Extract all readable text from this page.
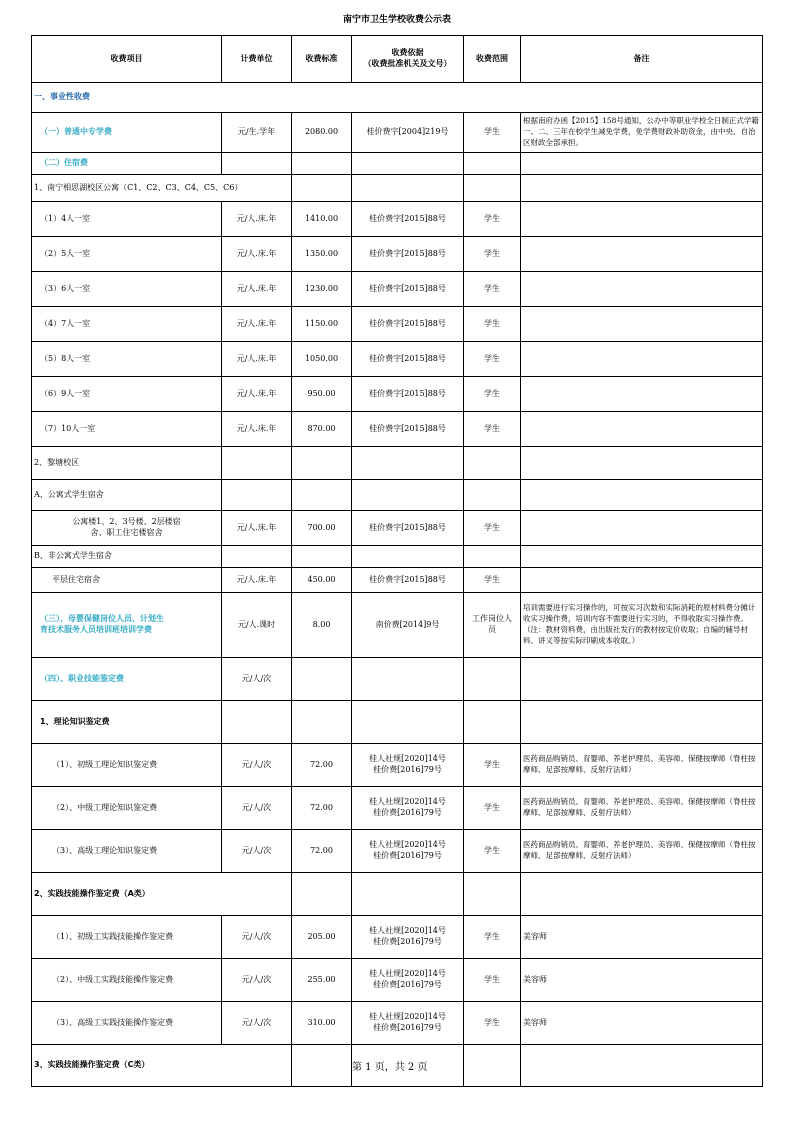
南宁市卫生学校收费公示表
收费项目	计费单位	收费标准	收费依据
（收费批准机关及文号）	收费范围	备注
一、事业性收费					
（一）普通中专学费	元/生.学年	2080.00	桂价费字[2004]219号	学生	根据南府办函【2015】158号通知，公办中等职业学校全日制正式学籍一、二、三年在校学生减免学费，免学费财政补助资金，由中央、自治区财政全部承担。
（二）住宿费					
1、南宁相思湖校区公寓（C1、C2、C3、C4、C5、C6）					
（1）4人一室	元/人.床.年	1410.00	桂价费字[2015]88号	学生	
（2）5人一室	元/人.床.年	1350.00	桂价费字[2015]88号	学生	
（3）6人一室	元/人.床.年	1230.00	桂价费字[2015]88号	学生	
（4）7人一室	元/人.床.年	1150.00	桂价费字[2015]88号	学生	
（5）8人一室	元/人.床.年	1050.00	桂价费字[2015]88号	学生	
（6）9人一室	元/人.床.年	950.00	桂价费字[2015]88号	学生	
（7）10人一室	元/人.床.年	870.00	桂价费字[2015]88号	学生	
2、黎塘校区					
A、公寓式学生宿舍					
公寓楼1、2、3号楼、2层楼宿
舍、职工住宅楼宿舍	元/人.床.年	700.00	桂价费字[2015]88号	学生	
B、非公寓式学生宿舍					
平层住宅宿舍	元/人.床.年	450.00	桂价费字[2015]88号	学生	
（三）、母婴保健岗位人员、计划生
育技术服务人员培训班培训学费	元/人.课时	8.00	南价费[2014]9号	工作岗位人
员	培训需要进行实习操作的，可按实习次数和实际消耗的原材料费分摊计收实习操作费，培训内容不需要进行实习的，不得收取实习操作费。（注：教材资料费，由出版社发行的教材按定价收取；自编的辅导材料、讲义等按实际印刷成本收取。）
（四）、职业技能鉴定费	元/人/次				
1、理论知识鉴定费					
（1）、初级工理论知识鉴定费	元/人/次	72.00	桂人社规[2020]14号
桂价费[2016]79号	学生	医药商品购销员、育婴师、养老护理员、美容师、保健按摩师（脊柱按摩师、足部按摩师、反射疗法师）
（2）、中级工理论知识鉴定费	元/人/次	72.00	桂人社规[2020]14号
桂价费[2016]79号	学生	医药商品购销员、育婴师、养老护理员、美容师、保健按摩师（脊柱按摩师、足部按摩师、反射疗法师）
（3）、高级工理论知识鉴定费	元/人/次	72.00	桂人社规[2020]14号
桂价费[2016]79号	学生	医药商品购销员、育婴师、养老护理员、美容师、保健按摩师（脊柱按摩师、足部按摩师、反射疗法师）
2、实践技能操作鉴定费（A类）					
（1）、初级工实践技能操作鉴定费	元/人/次	205.00	桂人社规[2020]14号
桂价费[2016]79号	学生	美容师
（2）、中级工实践技能操作鉴定费	元/人/次	255.00	桂人社规[2020]14号
桂价费[2016]79号	学生	美容师
（3）、高级工实践技能操作鉴定费	元/人/次	310.00	桂人社规[2020]14号
桂价费[2016]79号	学生	美容师
3、实践技能操作鉴定费（C类）						第 1 页，共 2 页
